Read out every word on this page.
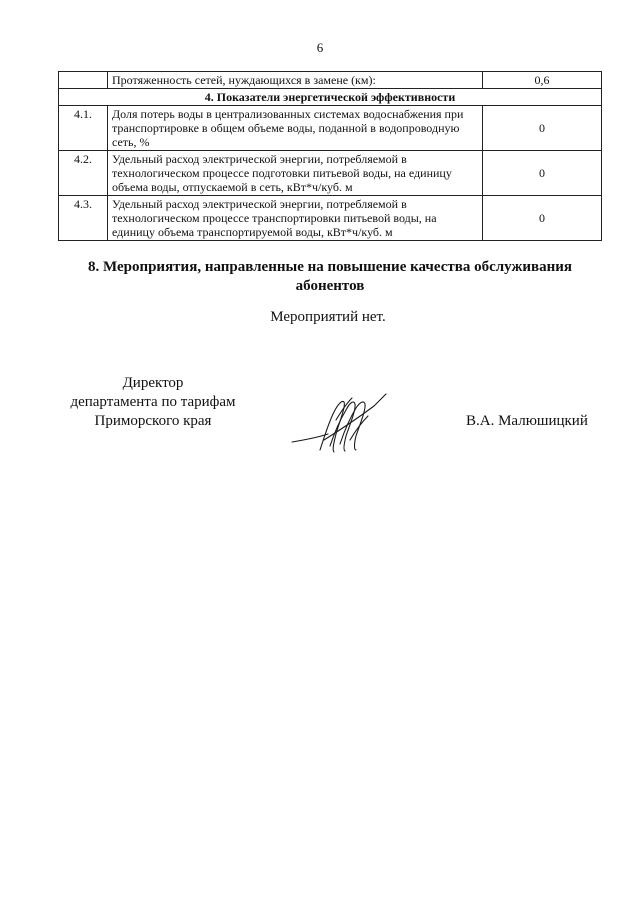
6
	Протяженность сетей, нуждающихся в замене (км):	0,6
4. Показатели энергетической эффективности		
4.1.	Доля потерь воды в централизованных системах водоснабжения при транспортировке в общем объеме воды, поданной в водопроводную сеть, %	0
4.2.	Удельный расход электрической энергии, потребляемой в технологическом процессе подготовки питьевой воды, на единицу объема воды, отпускаемой в сеть, кВт*ч/куб. м	0
4.3.	Удельный расход электрической энергии, потребляемой в технологическом процессе транспортировки питьевой воды, на единицу объема транспортируемой воды, кВт*ч/куб. м	0
8. Мероприятия, направленные на повышение качества обслуживания абонентов
Мероприятий нет.
Директор
департамента по тарифам
Приморского края	В.А. Малюшицкий
